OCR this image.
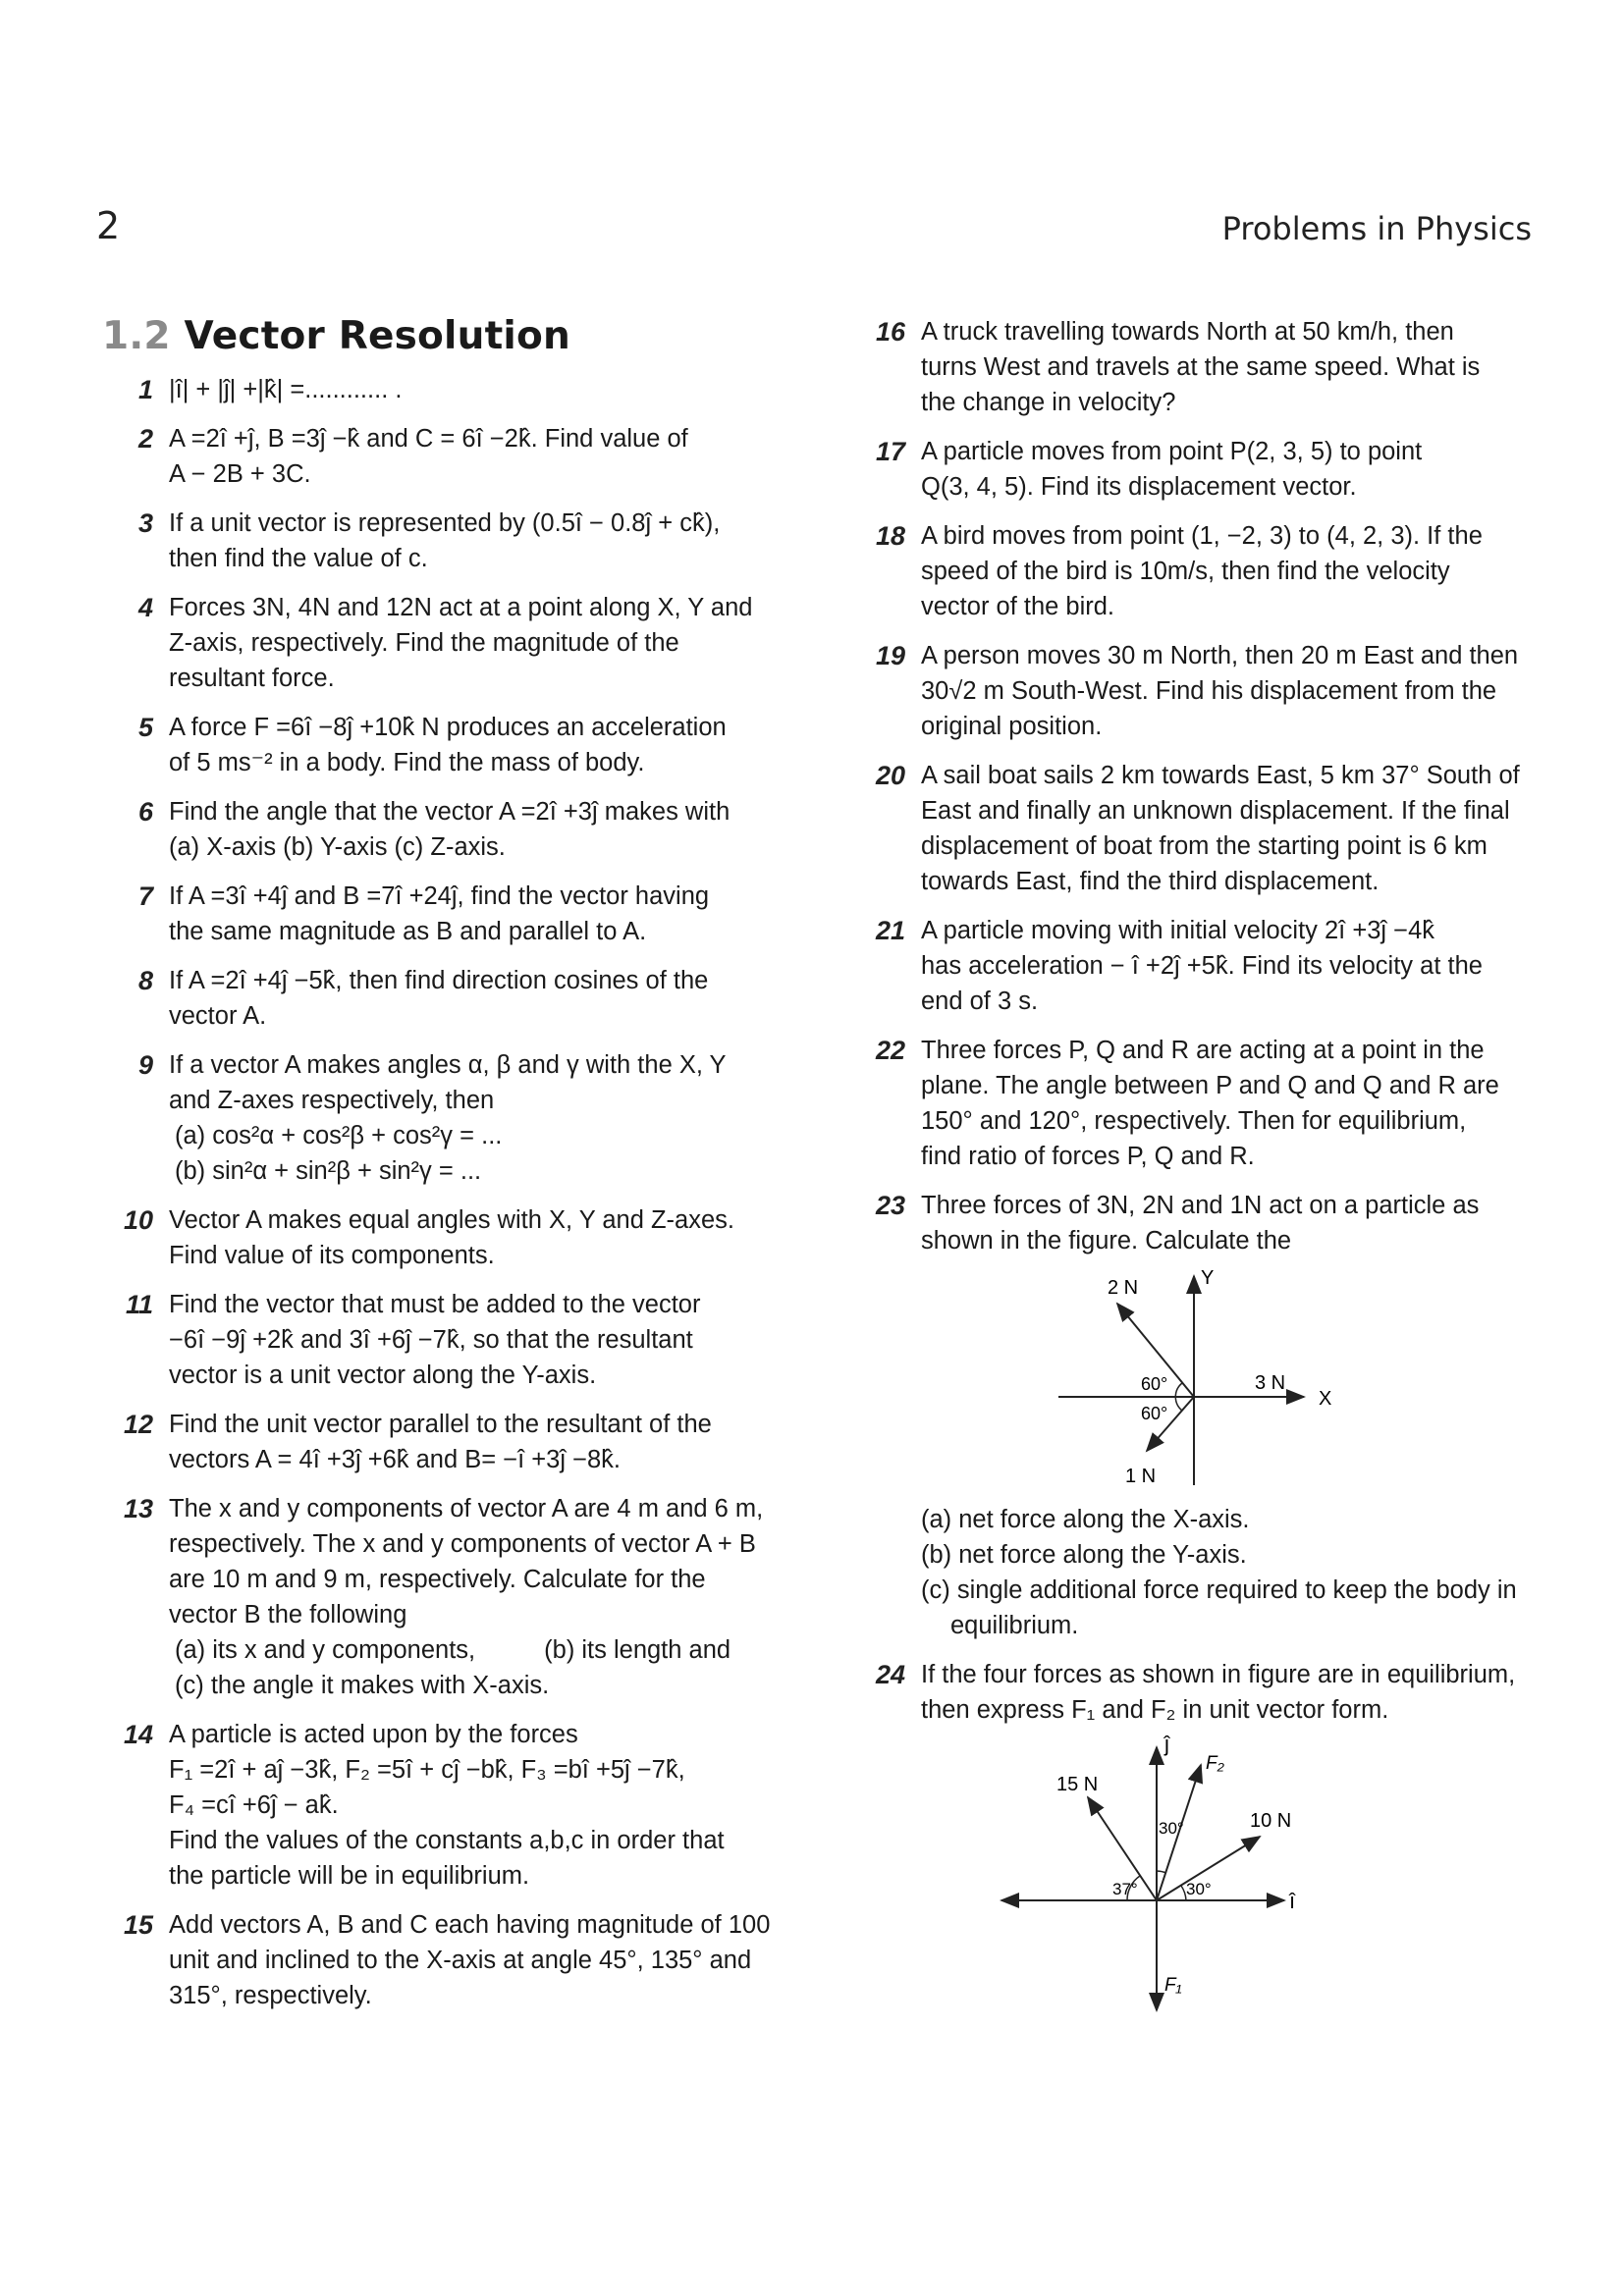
2	Problems in Physics
1.2 Vector Resolution
1 |î| + |ĵ| +|k̂| =............ .
2 A =2î +ĵ, B =3ĵ −k̂ and C = 6î −2k̂. Find value of
A − 2B + 3C.
3 If a unit vector is represented by (0.5î − 0.8ĵ + ck̂),
then find the value of c.
4 Forces 3N, 4N and 12N act at a point along X, Y and
Z-axis, respectively. Find the magnitude of the
resultant force.
5 A force F =6î −8ĵ +10k̂ N produces an acceleration
of 5 ms⁻² in a body. Find the mass of body.
6 Find the angle that the vector A =2î +3ĵ makes with
(a) X-axis (b) Y-axis (c) Z-axis.
7 If A =3î +4ĵ and B =7î +24ĵ, find the vector having
the same magnitude as B and parallel to A.
8 If A =2î +4ĵ −5k̂, then find direction cosines of the
vector A.
9 If a vector A makes angles α, β and γ with the X, Y
and Z-axes respectively, then
(a) cos²α + cos²β + cos²γ = ...
(b) sin²α + sin²β + sin²γ = ...
10 Vector A makes equal angles with X, Y and Z-axes.
Find value of its components.
11 Find the vector that must be added to the vector
−6î −9ĵ +2k̂ and 3î +6ĵ −7k̂, so that the resultant
vector is a unit vector along the Y-axis.
12 Find the unit vector parallel to the resultant of the
vectors A = 4î +3ĵ +6k̂ and B= −î +3ĵ −8k̂.
13 The x and y components of vector A are 4 m and 6 m,
respectively. The x and y components of vector A + B
are 10 m and 9 m, respectively. Calculate for the
vector B the following
(a) its x and y components,	(b) its length and
(c) the angle it makes with X-axis.
14 A particle is acted upon by the forces
F₁ =2î + aĵ −3k̂, F₂ =5î + cĵ −bk̂, F₃ =bî +5ĵ −7k̂,
F₄ =cî +6ĵ − ak̂.
Find the values of the constants a,b,c in order that
the particle will be in equilibrium.
15 Add vectors A, B and C each having magnitude of 100
unit and inclined to the X-axis at angle 45°, 135° and
315°, respectively.
16 A truck travelling towards North at 50 km/h, then
turns West and travels at the same speed. What is
the change in velocity?
17 A particle moves from point P(2, 3, 5) to point
Q(3, 4, 5). Find its displacement vector.
18 A bird moves from point (1, −2, 3) to (4, 2, 3). If the
speed of the bird is 10m/s, then find the velocity
vector of the bird.
19 A person moves 30 m North, then 20 m East and then
30√2 m South-West. Find his displacement from the
original position.
20 A sail boat sails 2 km towards East, 5 km 37° South of
East and finally an unknown displacement. If the final
displacement of boat from the starting point is 6 km
towards East, find the third displacement.
21 A particle moving with initial velocity 2î +3ĵ −4k̂
has acceleration − î +2ĵ +5k̂. Find its velocity at the
end of 3 s.
22 Three forces P, Q and R are acting at a point in the
plane. The angle between P and Q and Q and R are
150° and 120°, respectively. Then for equilibrium,
find ratio of forces P, Q and R.
23 Three forces of 3N, 2N and 1N act on a particle as
shown in the figure. Calculate the
Y
X
2 N
3 N
1 N
60°
60°
(a) net force along the X-axis.
(b) net force along the Y-axis.
(c) single additional force required to keep the body in
equilibrium.
24 If the four forces as shown in figure are in equilibrium,
then express F₁ and F₂ in unit vector form.
ĵ
î
F₂
F₁
15 N
10 N
30°
37°	30°
